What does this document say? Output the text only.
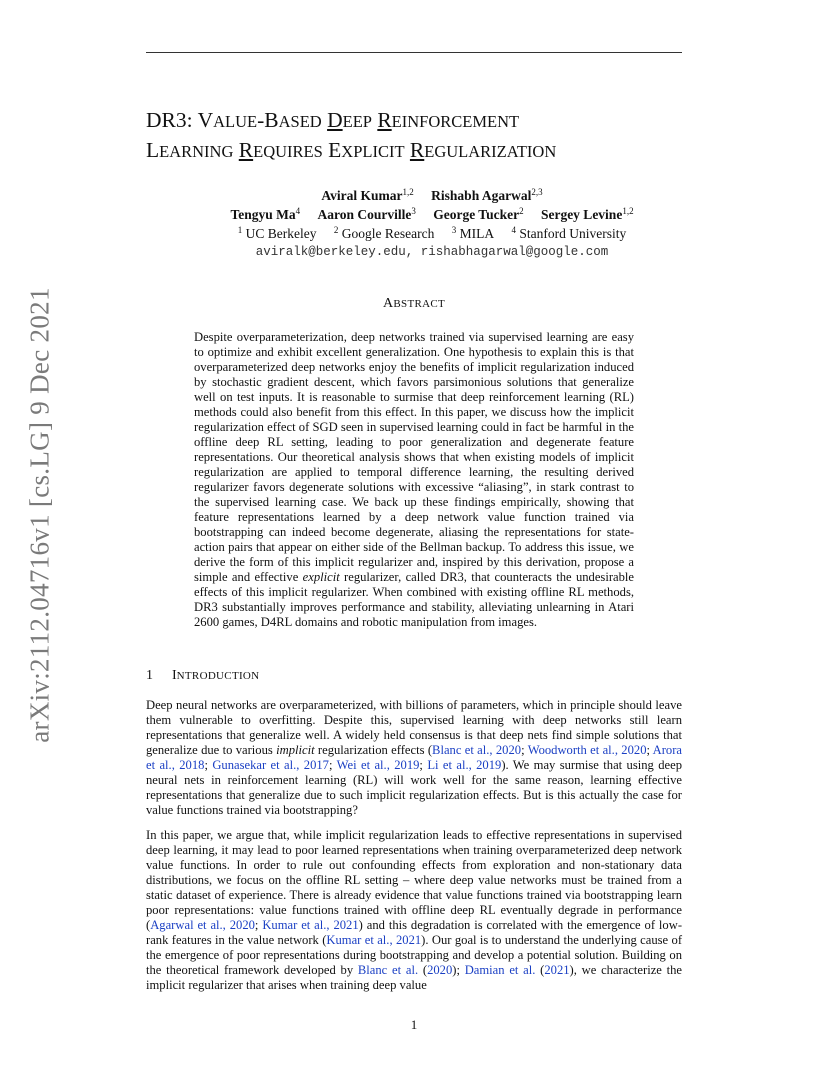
arXiv:2112.04716v1 [cs.LG] 9 Dec 2021
DR3: VALUE-BASED DEEP REINFORCEMENT
LEARNING REQUIRES EXPLICIT REGULARIZATION
Aviral Kumar$^{1,2}$ Rishabh Agarwal$^{2,3}$
Tengyu Ma$^4$ Aaron Courville$^3$ George Tucker$^2$ Sergey Levine$^{1,2}$
$^1$ UC Berkeley $^2$ Google Research $^3$ MILA $^4$ Stanford University
aviralk@berkeley.edu, rishabhagarwal@google.com
ABSTRACT

Despite overparameterization, deep networks trained via supervised learning are easy to optimize and exhibit excellent generalization. One hypothesis to explain this is that overparameterized deep networks enjoy the benefits of implicit regularization induced by stochastic gradient descent, which favors parsimonious solutions that generalize well on test inputs. It is reasonable to surmise that deep reinforcement learning (RL) methods could also benefit from this effect. In this paper, we discuss how the implicit regularization effect of SGD seen in supervised learning could in fact be harmful in the offline deep RL setting, leading to poor generalization and degenerate feature representations. Our theoretical analysis shows that when existing models of implicit regularization are applied to temporal difference learning, the resulting derived regularizer favors degenerate solutions with excessive “aliasing”, in stark contrast to the supervised learning case. We back up these findings empirically, showing that feature representations learned by a deep network value function trained via bootstrapping can indeed become degenerate, aliasing the representations for state-action pairs that appear on either side of the Bellman backup. To address this issue, we derive the form of this implicit regularizer and, inspired by this derivation, propose a simple and effective explicit regularizer, called DR3, that counteracts the undesirable effects of this implicit regularizer. When combined with existing offline RL methods, DR3 substantially improves performance and stability, alleviating unlearning in Atari 2600 games, D4RL domains and robotic manipulation from images.

1 INTRODUCTION

Deep neural networks are overparameterized, with billions of parameters, which in principle should leave them vulnerable to overfitting. Despite this, supervised learning with deep networks still learn representations that generalize well. A widely held consensus is that deep nets find simple solutions that generalize due to various implicit regularization effects (Blanc et al., 2020; Woodworth et al., 2020; Arora et al., 2018; Gunasekar et al., 2017; Wei et al., 2019; Li et al., 2019). We may surmise that using deep neural nets in reinforcement learning (RL) will work well for the same reason, learning effective representations that generalize due to such implicit regularization effects. But is this actually the case for value functions trained via bootstrapping?

In this paper, we argue that, while implicit regularization leads to effective representations in supervised deep learning, it may lead to poor learned representations when training overparameterized deep network value functions. In order to rule out confounding effects from exploration and non-stationary data distributions, we focus on the offline RL setting – where deep value networks must be trained from a static dataset of experience. There is already evidence that value functions trained via bootstrapping learn poor representations: value functions trained with offline deep RL eventually degrade in performance (Agarwal et al., 2020; Kumar et al., 2021) and this degradation is correlated with the emergence of low-rank features in the value network (Kumar et al., 2021). Our goal is to understand the underlying cause of the emergence of poor representations during bootstrapping and develop a potential solution. Building on the theoretical framework developed by Blanc et al. (2020); Damian et al. (2021), we characterize the implicit regularizer that arises when training deep value

1
